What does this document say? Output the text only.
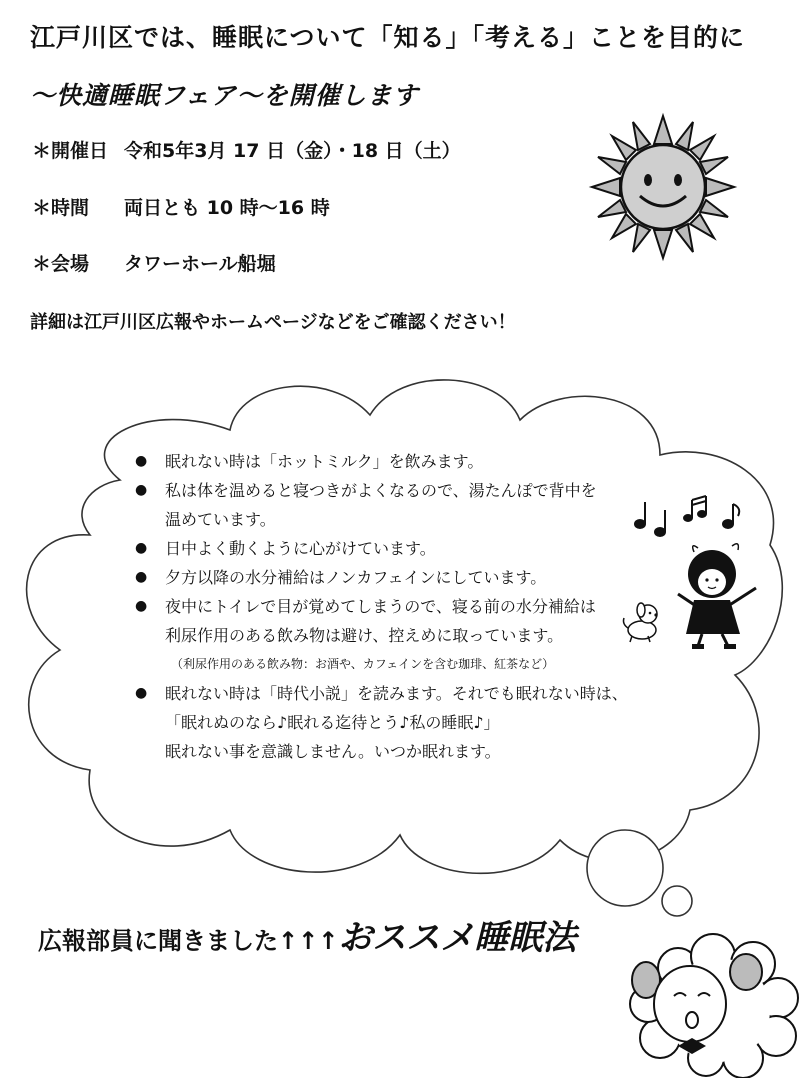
江戸川区では、睡眠について「知る」「考える」ことを目的に
～快適睡眠フェア～を開催します
＊開催日 令和5年3月 17 日（金）・18 日（土）
＊時間 両日とも 10 時～16 時
＊会場 タワーホール船堀
詳細は江戸川区広報やホームページなどをご確認ください！
● 眠れない時は「ホットミルク」を飲みます。
● 私は体を温めると寝つきがよくなるので、湯たんぽで背中を
温めています。
● 日中よく動くように心がけています。
● 夕方以降の水分補給はノンカフェインにしています。
● 夜中にトイレで目が覚めてしまうので、寝る前の水分補給は
利尿作用のある飲み物は避け、控えめに取っています。
（利尿作用のある飲み物：お酒や、カフェインを含む珈琲、紅茶など）
● 眠れない時は「時代小説」を読みます。それでも眠れない時は、
「眠れぬのなら♪眠れる迄待とう♪私の睡眠♪」
眠れない事を意識しません。いつか眠れます。
広報部員に聞きました↑↑↑おススメ睡眠法
